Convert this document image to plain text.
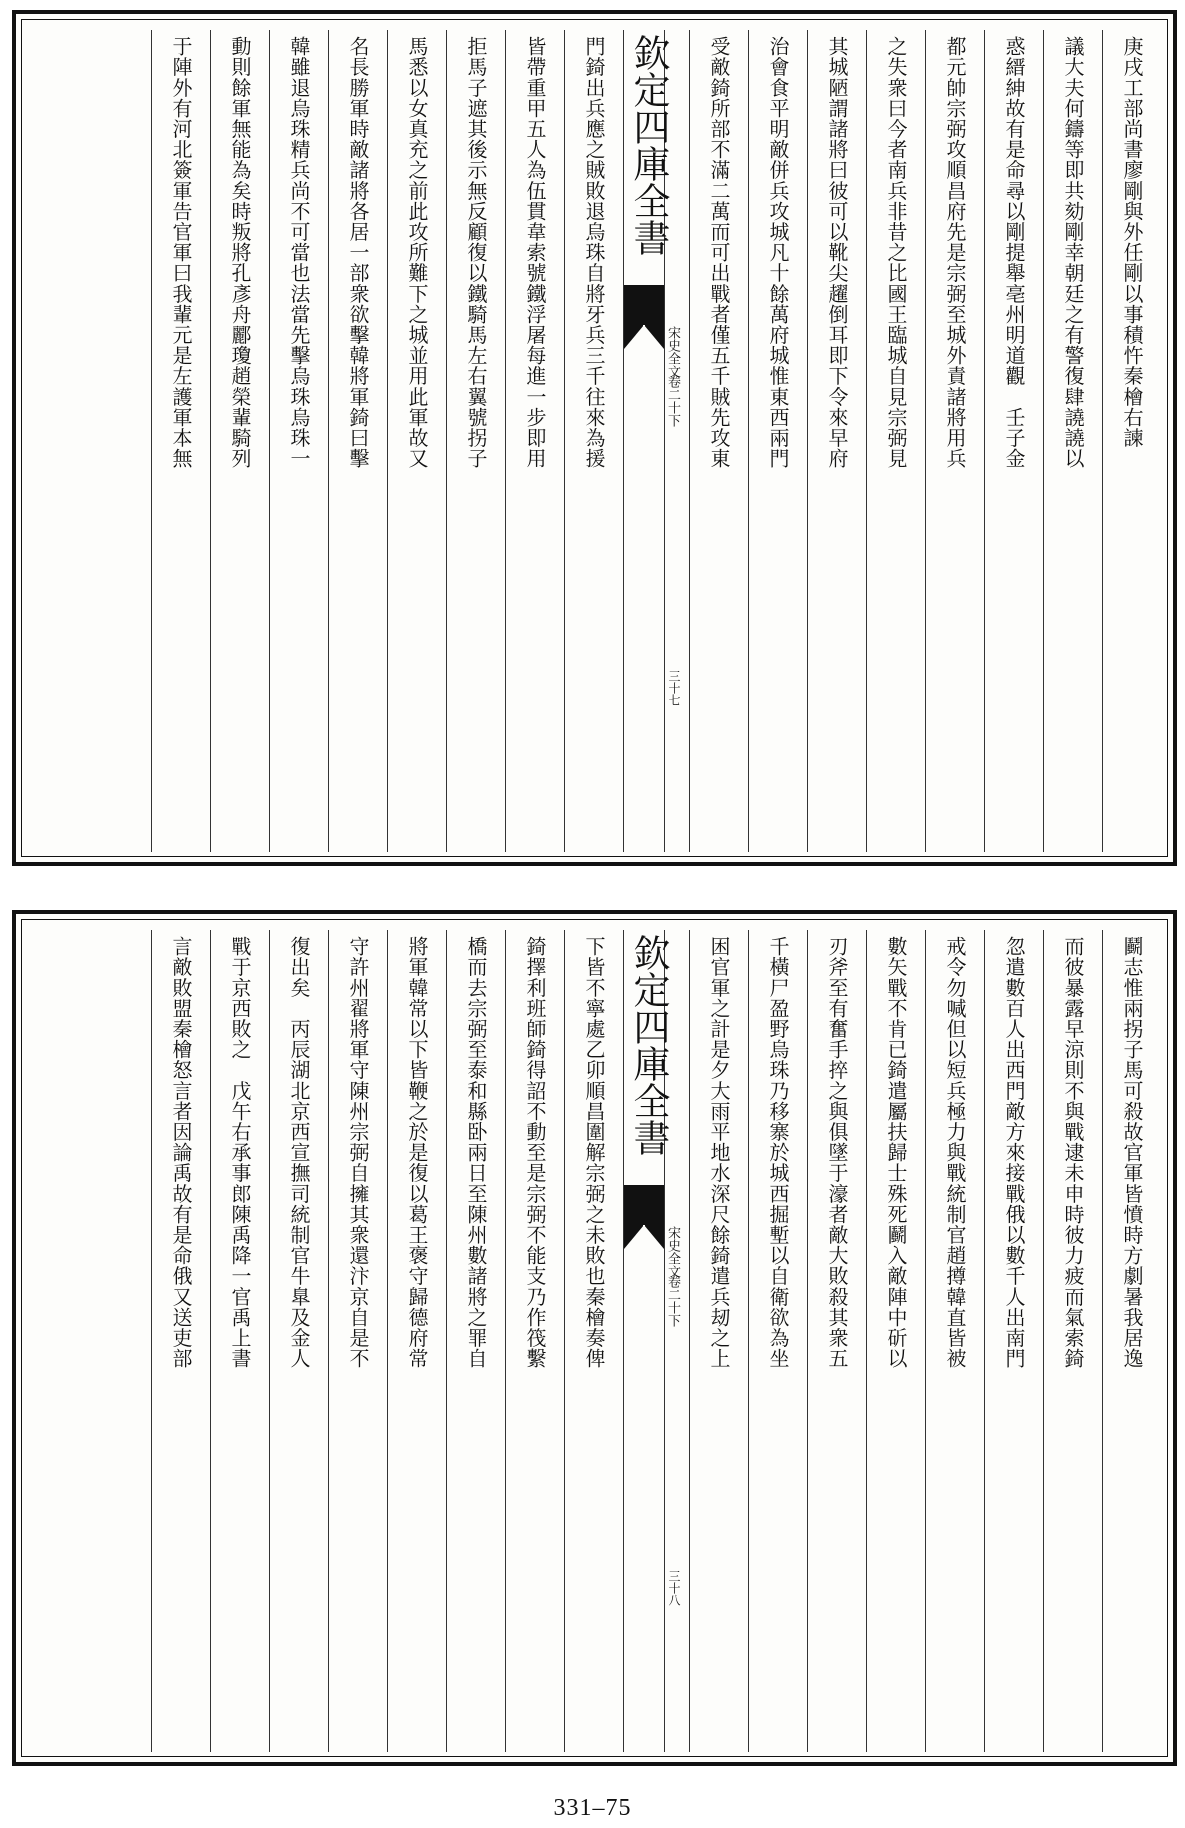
庚戌工部尚書廖剛與外任剛以事積忤秦檜右諫
議大夫何鑄等即共劾剛幸朝廷之有警復肆譊譊以
惑縉紳故有是命尋以剛提舉亳州明道觀　壬子金
都元帥宗弼攻順昌府先是宗弼至城外責諸將用兵
之失衆曰今者南兵非昔之比國王臨城自見宗弼見
其城陋謂諸將曰彼可以靴尖趯倒耳即下令來早府
治會食平明敵併兵攻城凡十餘萬府城惟東西兩門
受敵錡所部不滿二萬而可出戰者僅五千賊先攻東
欽定四庫全書
宋史全文
卷二十下
三十七
門錡出兵應之賊敗退烏珠自將牙兵三千往來為援
皆帶重甲五人為伍貫韋索號鐵浮屠每進一步即用
拒馬子遮其後示無反顧復以鐵騎馬左右翼號拐子
馬悉以女真充之前此攻所難下之城並用此軍故又
名長勝軍時敵諸將各居一部衆欲擊韓將軍錡曰擊
韓雖退烏珠精兵尚不可當也法當先擊烏珠烏珠一
動則餘軍無能為矣時叛將孔彥舟酈瓊趙榮輩騎列
于陣外有河北簽軍告官軍曰我輩元是左護軍本無
鬬志惟兩拐子馬可殺故官軍皆憤時方劇暑我居逸
而彼暴露早涼則不與戰逮未申時彼力疲而氣索錡
忽遣數百人出西門敵方來接戰俄以數千人出南門
戒令勿喊但以短兵極力與戰統制官趙撙韓直皆被
數矢戰不肯已錡遣屬扶歸士殊死鬬入敵陣中斫以
刃斧至有奮手捽之與俱墜于濠者敵大敗殺其衆五
千橫尸盈野烏珠乃移寨於城西掘塹以自衛欲為坐
困官軍之計是夕大雨平地水深尺餘錡遣兵刼之上
欽定四庫全書
宋史全文
卷二十下
三十八
下皆不寧處乙卯順昌圍解宗弼之未敗也秦檜奏俾
錡擇利班師錡得詔不動至是宗弼不能支乃作筏繫
橋而去宗弼至泰和縣卧兩日至陳州數諸將之罪自
將軍韓常以下皆鞭之於是復以葛王褒守歸德府常
守許州翟將軍守陳州宗弼自擁其衆還汴京自是不
復出矣　丙辰湖北京西宣撫司統制官牛臯及金人
戰于京西敗之　戊午右承事郎陳禹降一官禹上書
言敵敗盟秦檜怒言者因論禹故有是命俄又送吏部
331–75
